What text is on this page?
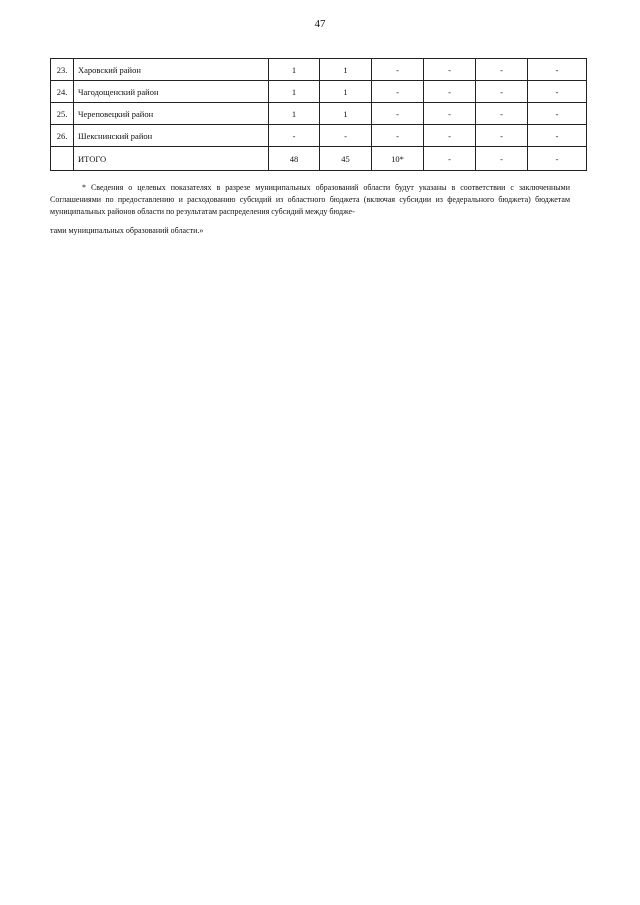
47
23.	Харовский район	1	1	-	-	-	-
24.	Чагодощенский район	1	1	-	-	-	-
25.	Череповецкий район	1	1	-	-	-	-
26.	Шекснинский район	-	-	-	-	-	-
	ИТОГО	48	45	10*	-	-	-
* Сведения о целевых показателях в разрезе муниципальных образований области будут указаны в соответствии с заключенными Соглашениями по предоставлению и расходованию субсидий из областного бюджета (включая субсидии из федерального бюджета) бюджетам муниципальных районов области по результатам распределения субсидий между бюдже-
тами муниципальных образований области.»
